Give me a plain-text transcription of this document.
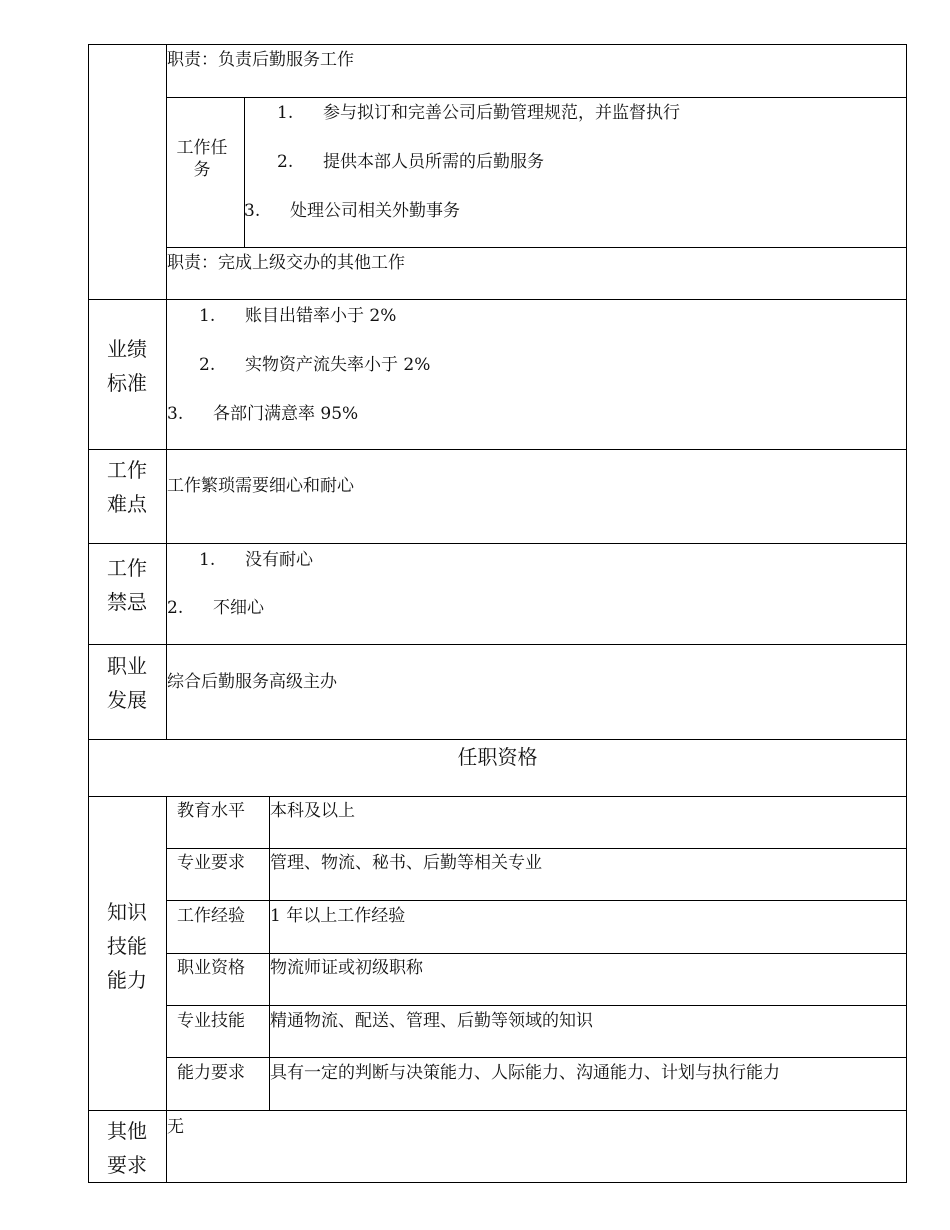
职责：负责后勤服务工作
工作任务
1. 参与拟订和完善公司后勤管理规范，并监督执行
2. 提供本部人员所需的后勤服务
3. 处理公司相关外勤事务
职责：完成上级交办的其他工作
业绩
标准
1. 账目出错率小于 2%
2. 实物资产流失率小于 2%
3. 各部门满意率 95%
工作
难点
工作繁琐需要细心和耐心
工作
禁忌
1. 没有耐心
2. 不细心
职业
发展
综合后勤服务高级主办
任职资格
知识
技能
能力
教育水平 本科及以上
专业要求 管理、物流、秘书、后勤等相关专业
工作经验 1 年以上工作经验
职业资格 物流师证或初级职称
专业技能 精通物流、配送、管理、后勤等领域的知识
能力要求 具有一定的判断与决策能力、人际能力、沟通能力、计划与执行能力
其他
要求
无
